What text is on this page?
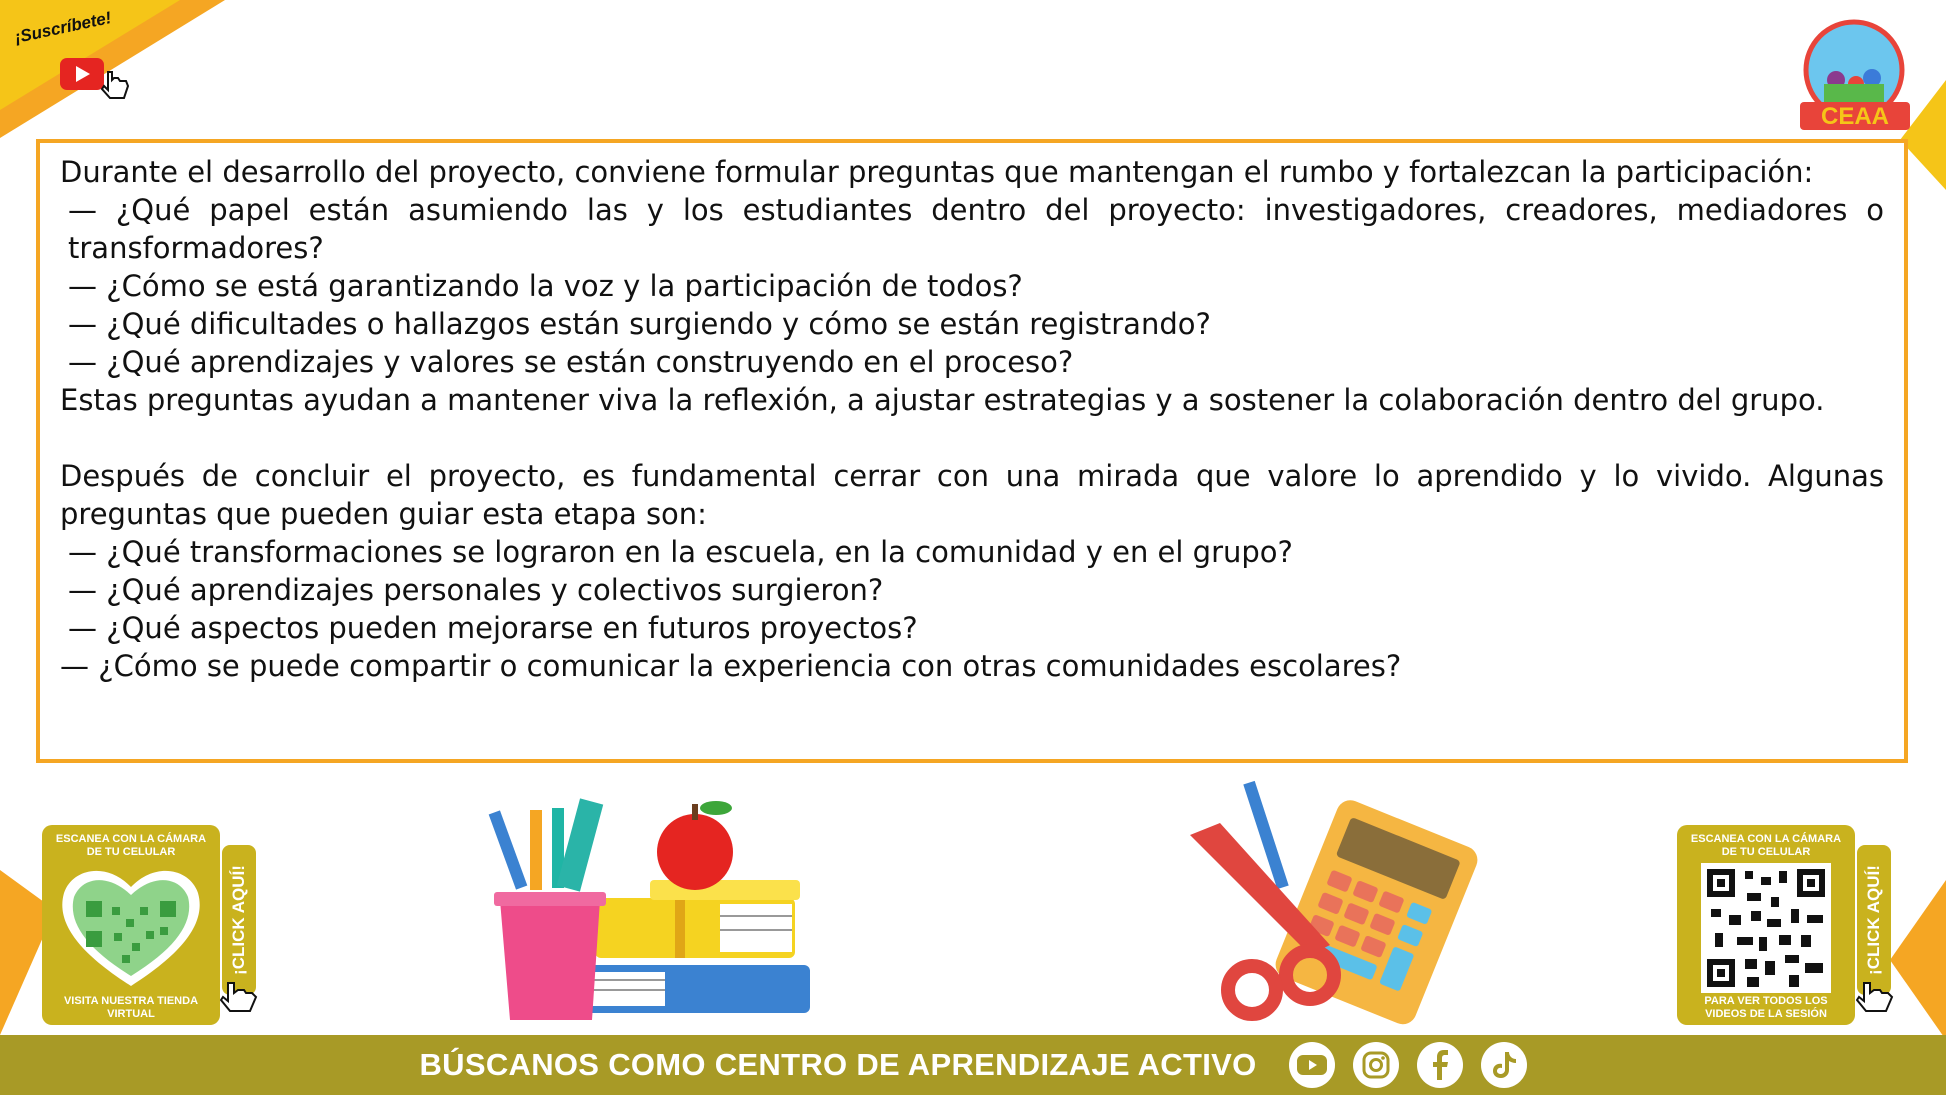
¡Suscríbete!
CEAA

Durante el desarrollo del proyecto, conviene formular preguntas que mantengan el rumbo y fortalezcan la participación:

— ¿Qué papel están asumiendo las y los estudiantes dentro del proyecto: investigadores, creadores, mediadores o transformadores?

— ¿Cómo se está garantizando la voz y la participación de todos?

— ¿Qué dificultades o hallazgos están surgiendo y cómo se están registrando?

— ¿Qué aprendizajes y valores se están construyendo en el proceso?

Estas preguntas ayudan a mantener viva la reflexión, a ajustar estrategias y a sostener la colaboración dentro del grupo.

Después de concluir el proyecto, es fundamental cerrar con una mirada que valore lo aprendido y lo vivido. Algunas preguntas que pueden guiar esta etapa son:

— ¿Qué transformaciones se lograron en la escuela, en la comunidad y en el grupo?

— ¿Qué aprendizajes personales y colectivos surgieron?

— ¿Qué aspectos pueden mejorarse en futuros proyectos?

— ¿Cómo se puede compartir o comunicar la experiencia con otras comunidades escolares?

ESCANEA CON LA CÁMARA DE TU CELULAR
VISITA NUESTRA TIENDA VIRTUAL
¡CLICK AQUÍ!
ESCANEA CON LA CÁMARA DE TU CELULAR
PARA VER TODOS LOS VIDEOS DE LA SESIÓN
¡CLICK AQUÍ!
BÚSCANOS COMO CENTRO DE APRENDIZAJE ACTIVO
